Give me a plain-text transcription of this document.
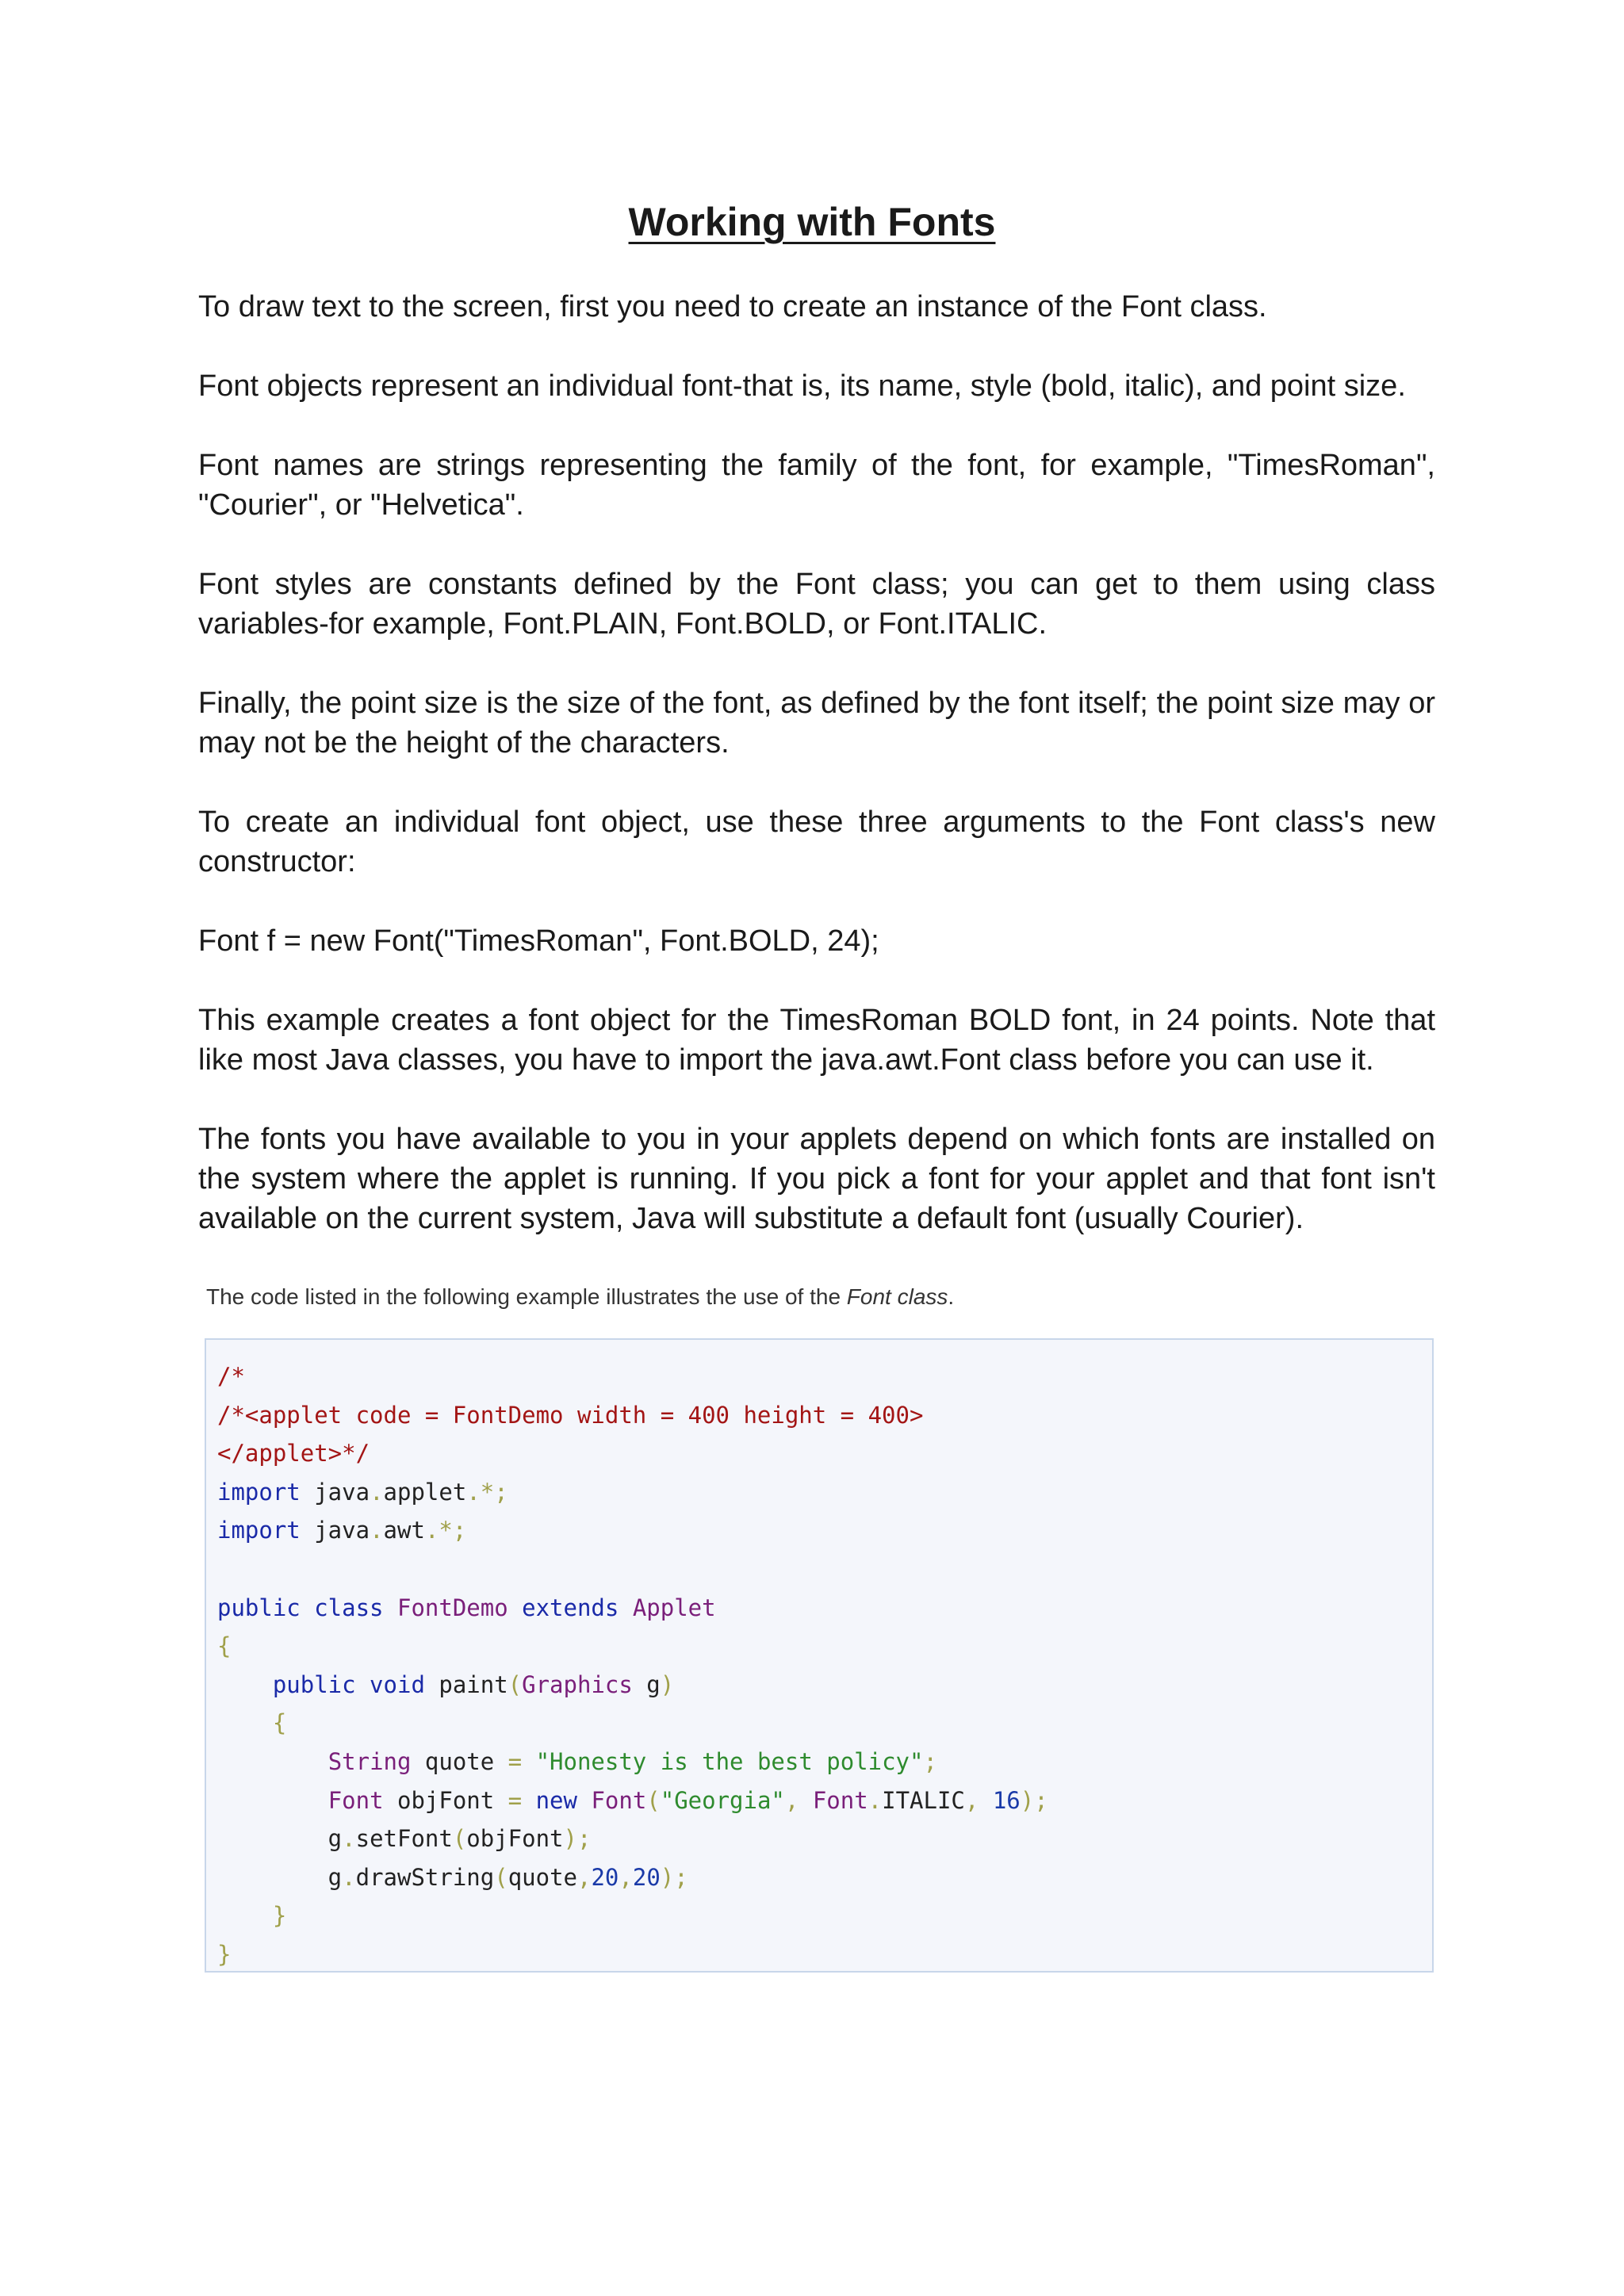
Working with Fonts

To draw text to the screen, first you need to create an instance of the Font class.

Font objects represent an individual font-that is, its name, style (bold, italic), and point size.

Font names are strings representing the family of the font, for example, "TimesRoman", "Courier", or "Helvetica".

Font styles are constants defined by the Font class; you can get to them using class variables-for example, Font.PLAIN, Font.BOLD, or Font.ITALIC.

Finally, the point size is the size of the font, as defined by the font itself; the point size may or may not be the height of the characters.

To create an individual font object, use these three arguments to the Font class's new constructor:

Font f = new Font("TimesRoman", Font.BOLD, 24);

This example creates a font object for the TimesRoman BOLD font, in 24 points. Note that like most Java classes, you have to import the java.awt.Font class before you can use it.

The fonts you have available to you in your applets depend on which fonts are installed on the system where the applet is running. If you pick a font for your applet and that font isn't available on the current system, Java will substitute a default font (usually Courier).

The code listed in the following example illustrates the use of the Font class.
/*
/*<applet code = FontDemo width = 400 height = 400>
</applet>*/
import java.applet.*;
import java.awt.*;

public class FontDemo extends Applet
{
public void paint(Graphics g)
{
String quote = "Honesty is the best policy";
Font objFont = new Font("Georgia", Font.ITALIC, 16);
g.setFont(objFont);
g.drawString(quote,20,20);
}
}
